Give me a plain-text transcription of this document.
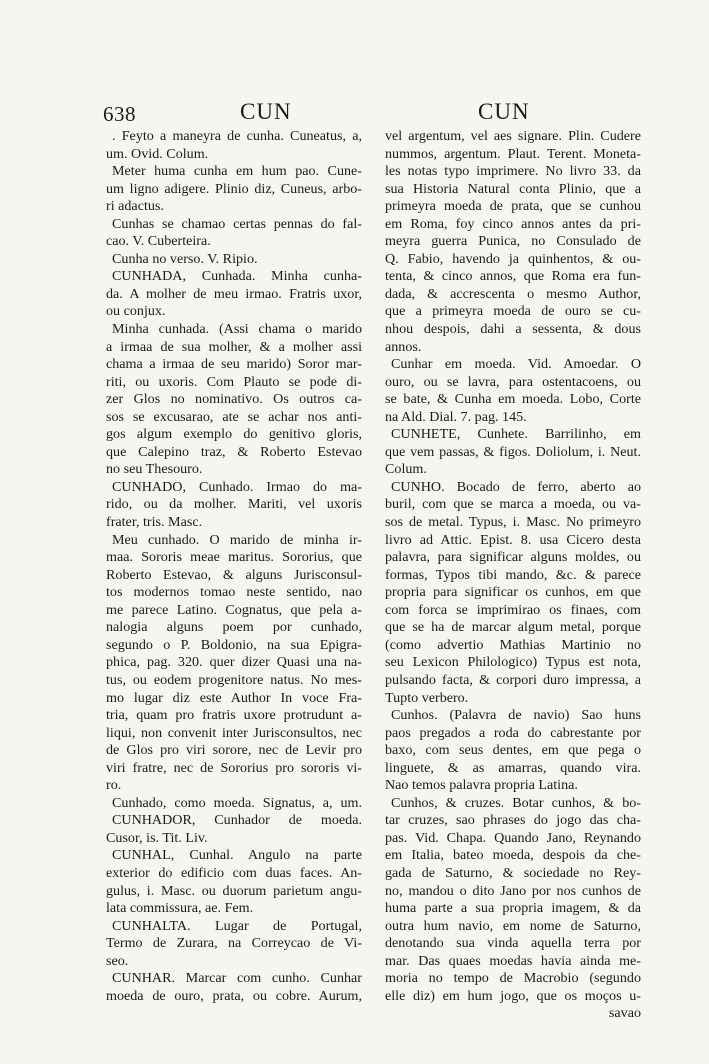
638	CUN	CUN
. Feyto a maneyra de cunha. Cuneatus, a,
um. Ovid. Colum.
Meter huma cunha em hum pao. Cune-
um ligno adigere. Plinio diz, Cuneus, arbo-
ri adactus.
Cunhas se chamao certas pennas do fal-
cao. V. Cuberteira.
Cunha no verso. V. Ripio.
CUNHADA, Cunhada. Minha cunha-
da. A molher de meu irmao. Fratris uxor,
ou conjux.
Minha cunhada. (Assi chama o marido
a irmaa de sua molher, & a molher assi
chama a irmaa de seu marido) Soror mar-
riti, ou uxoris. Com Plauto se pode di-
zer Glos no nominativo. Os outros ca-
sos se excusarao, ate se achar nos anti-
gos algum exemplo do genitivo gloris,
que Calepino traz, & Roberto Estevao
no seu Thesouro.
CUNHADO, Cunhado. Irmao do ma-
rido, ou da molher. Mariti, vel uxoris
frater, tris. Masc.
Meu cunhado. O marido de minha ir-
maa. Sororis meae maritus. Sororius, que
Roberto Estevao, & alguns Jurisconsul-
tos modernos tomao neste sentido, nao
me parece Latino. Cognatus, que pela a-
nalogia alguns poem por cunhado,
segundo o P. Boldonio, na sua Epigra-
phica, pag. 320. quer dizer Quasi una na-
tus, ou eodem progenitore natus. No mes-
mo lugar diz este Author In voce Fra-
tria, quam pro fratris uxore protrudunt a-
liqui, non convenit inter Jurisconsultos, nec
de Glos pro viri sorore, nec de Levir pro
viri fratre, nec de Sororius pro sororis vi-
ro.
Cunhado, como moeda. Signatus, a, um.
CUNHADOR, Cunhador de moeda.
Cusor, is. Tit. Liv.
CUNHAL, Cunhal. Angulo na parte
exterior do edificio com duas faces. An-
gulus, i. Masc. ou duorum parietum angu-
lata commissura, ae. Fem.
CUNHALTA. Lugar de Portugal,
Termo de Zurara, na Correycao de Vi-
seo.
CUNHAR. Marcar com cunho. Cunhar
moeda de ouro, prata, ou cobre. Aurum,
vel argentum, vel aes signare. Plin. Cudere
nummos, argentum. Plaut. Terent. Moneta-
les notas typo imprimere. No livro 33. da
sua Historia Natural conta Plinio, que a
primeyra moeda de prata, que se cunhou
em Roma, foy cinco annos antes da pri-
meyra guerra Punica, no Consulado de
Q. Fabio, havendo ja quinhentos, & ou-
tenta, & cinco annos, que Roma era fun-
dada, & accrescenta o mesmo Author,
que a primeyra moeda de ouro se cu-
nhou despois, dahi a sessenta, & dous
annos.
Cunhar em moeda. Vid. Amoedar. O
ouro, ou se lavra, para ostentacoens, ou
se bate, & Cunha em moeda. Lobo, Corte
na Ald. Dial. 7. pag. 145.
CUNHETE, Cunhete. Barrilinho, em
que vem passas, & figos. Doliolum, i. Neut.
Colum.
CUNHO. Bocado de ferro, aberto ao
buril, com que se marca a moeda, ou va-
sos de metal. Typus, i. Masc. No primeyro
livro ad Attic. Epist. 8. usa Cicero desta
palavra, para significar alguns moldes, ou
formas, Typos tibi mando, &c. & parece
propria para significar os cunhos, em que
com forca se imprimirao os finaes, com
que se ha de marcar algum metal, porque
(como advertio Mathias Martinio no
seu Lexicon Philologico) Typus est nota,
pulsando facta, & corpori duro impressa, a
Tupto verbero.
Cunhos. (Palavra de navio) Sao huns
paos pregados a roda do cabrestante por
baxo, com seus dentes, em que pega o
linguete, & as amarras, quando vira.
Nao temos palavra propria Latina.
Cunhos, & cruzes. Botar cunhos, & bo-
tar cruzes, sao phrases do jogo das cha-
pas. Vid. Chapa. Quando Jano, Reynando
em Italia, bateo moeda, despois da che-
gada de Saturno, & sociedade no Rey-
no, mandou o dito Jano por nos cunhos de
huma parte a sua propria imagem, & da
outra hum navio, em nome de Saturno,
denotando sua vinda aquella terra por
mar. Das quaes moedas havia ainda me-
moria no tempo de Macrobio (segundo
elle diz) em hum jogo, que os moços u-
savao
